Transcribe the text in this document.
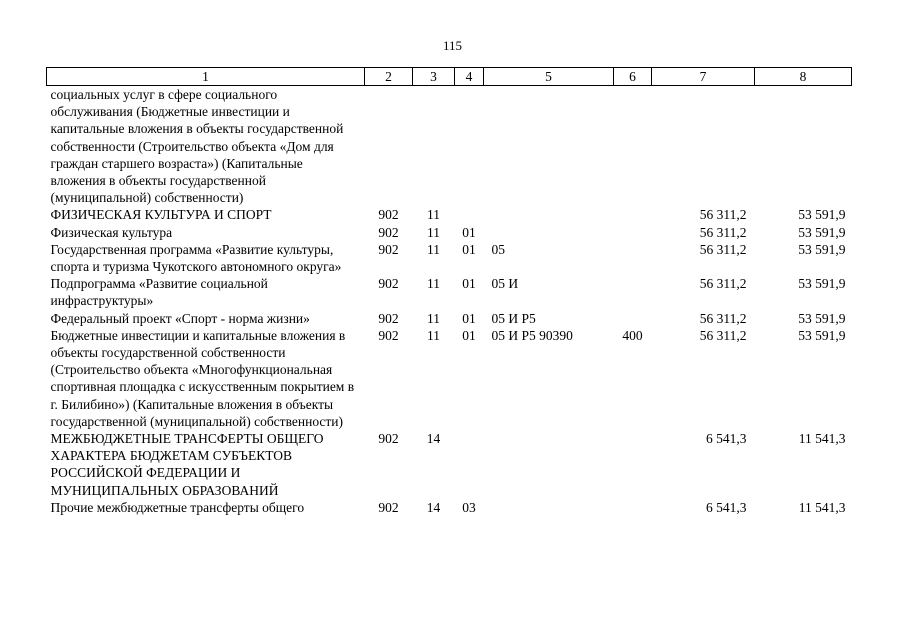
115
1	2	3	4	5	6	7	8
социальных услуг в сфере социального обслуживания (Бюджетные инвестиции и капитальные вложения в объекты государственной собственности (Строительство объекта «Дом для граждан старшего возраста») (Капитальные вложения в объекты государственной (муниципальной) собственности)							
ФИЗИЧЕСКАЯ КУЛЬТУРА И СПОРТ	902	11				56 311,2	53 591,9
Физическая культура	902	11	01			56 311,2	53 591,9
Государственная программа «Развитие культуры, спорта и туризма Чукотского автономного округа»	902	11	01	05		56 311,2	53 591,9
Подпрограмма «Развитие социальной инфраструктуры»	902	11	01	05 И		56 311,2	53 591,9
Федеральный проект «Спорт - норма жизни»	902	11	01	05 И Р5		56 311,2	53 591,9
Бюджетные инвестиции и капитальные вложения в объекты государственной собственности (Строительство объекта «Многофункциональная спортивная площадка с искусственным покрытием в г. Билибино») (Капитальные вложения в объекты государственной (муниципальной) собственности)	902	11	01	05 И Р5 90390	400	56 311,2	53 591,9
МЕЖБЮДЖЕТНЫЕ ТРАНСФЕРТЫ ОБЩЕГО ХАРАКТЕРА БЮДЖЕТАМ СУБЪЕКТОВ РОССИЙСКОЙ ФЕДЕРАЦИИ И МУНИЦИПАЛЬНЫХ ОБРАЗОВАНИЙ	902	14				6 541,3	11 541,3
Прочие межбюджетные трансферты общего	902	14	03			6 541,3	11 541,3
